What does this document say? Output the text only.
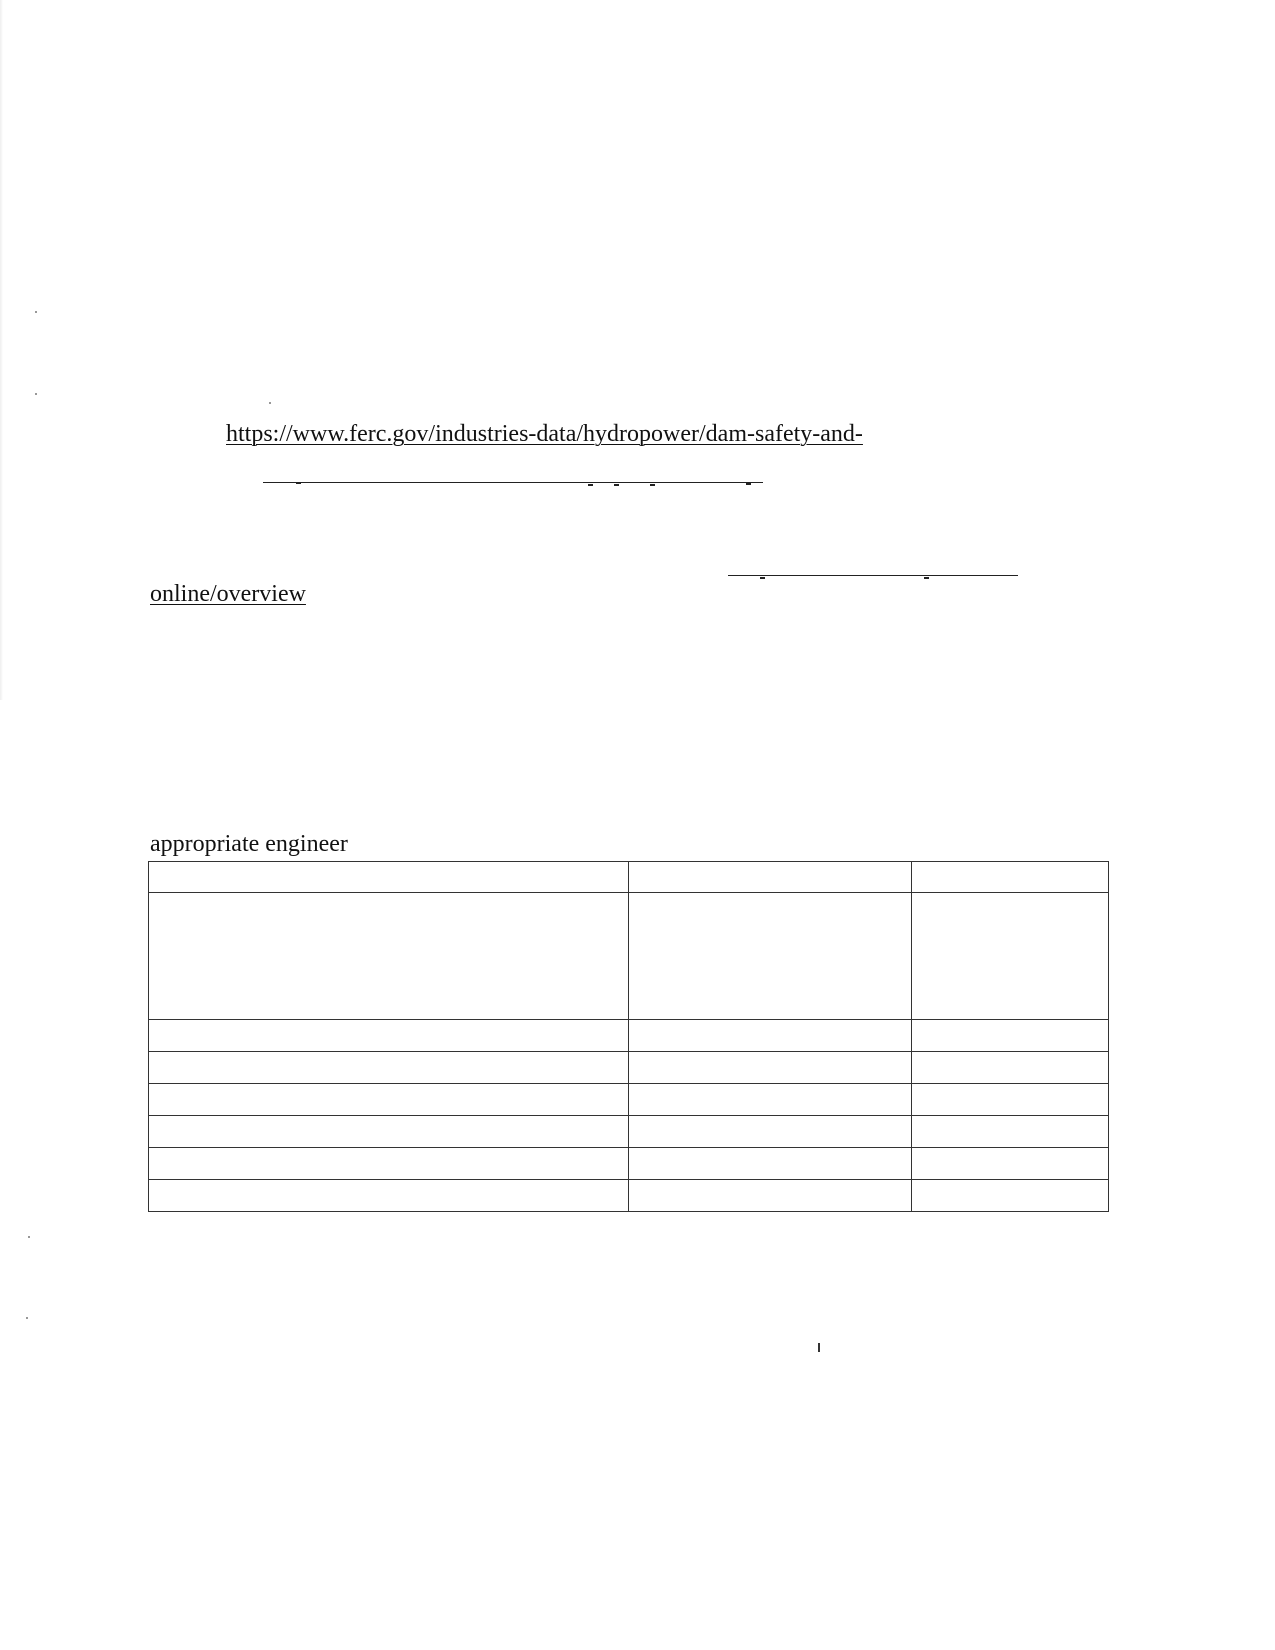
https://www.ferc.gov/industries-data/hydropower/dam-safety-and-
online/overview
appropriate engineer
